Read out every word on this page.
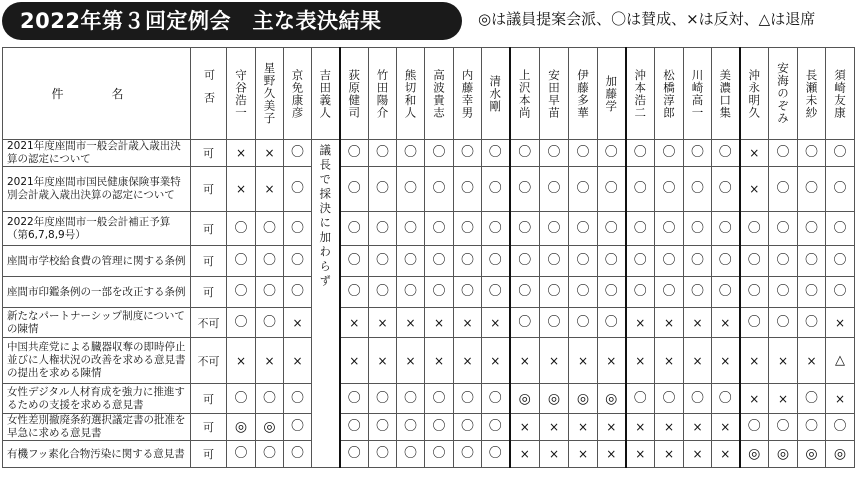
2022年第３回定例会　主な表決結果	◎は議員提案会派、〇は賛成、×は反対、△は退席
件　名	可否	守谷浩一	星野久美子	京免康彦	吉田義人	荻原健司	竹田陽介	熊切和人	高波貴志	内藤幸男	清水剛	上沢本尚	安田早苗	伊藤多華	加藤学	沖本浩二	松橋淳郎	川崎高一	美濃口集	沖永明久	安海のぞみ	長瀬未紗	須崎友康

2021年度座間市一般会計歳入歳出決算の認定について	可	×	×	〇	議長で採決に加わらず	〇	〇	〇	〇	〇	〇	〇	〇	〇	〇	〇	〇	〇	〇	×	〇	〇	〇
2021年度座間市国民健康保険事業特別会計歳入歳出決算の認定について	可	×	×	〇		〇	〇	〇	〇	〇	〇	〇	〇	〇	〇	〇	〇	〇	〇	×	〇	〇	〇
2022年度座間市一般会計補正予算（第6,7,8,9号）	可	〇	〇	〇		〇	〇	〇	〇	〇	〇	〇	〇	〇	〇	〇	〇	〇	〇	〇	〇	〇	〇
座間市学校給食費の管理に関する条例	可	〇	〇	〇		〇	〇	〇	〇	〇	〇	〇	〇	〇	〇	〇	〇	〇	〇	〇	〇	〇	〇
座間市印鑑条例の一部を改正する条例	可	〇	〇	〇		〇	〇	〇	〇	〇	〇	〇	〇	〇	〇	〇	〇	〇	〇	〇	〇	〇	〇
新たなパートナーシップ制度についての陳情	不可	〇	〇	×		×	×	×	×	×	×	〇	〇	〇	〇	×	×	×	×	〇	〇	〇	×
中国共産党による臓器収奪の即時停止並びに人権状況の改善を求める意見書の提出を求める陳情	不可	×	×	×		×	×	×	×	×	×	×	×	×	×	×	×	×	×	×	×	×	△
女性デジタル人材育成を強力に推進するための支援を求める意見書	可	〇	〇	〇		〇	〇	〇	〇	〇	〇	◎	◎	◎	◎	〇	〇	〇	〇	×	×	〇	×
女性差別撤廃条約選択議定書の批准を早急に求める意見書	可	◎	◎	〇		〇	〇	〇	〇	〇	〇	×	×	×	×	×	×	×	×	〇	〇	〇	〇
有機フッ素化合物汚染に関する意見書	可	〇	〇	〇		〇	〇	〇	〇	〇	〇	×	×	×	×	×	×	×	×	◎	◎	◎	◎
